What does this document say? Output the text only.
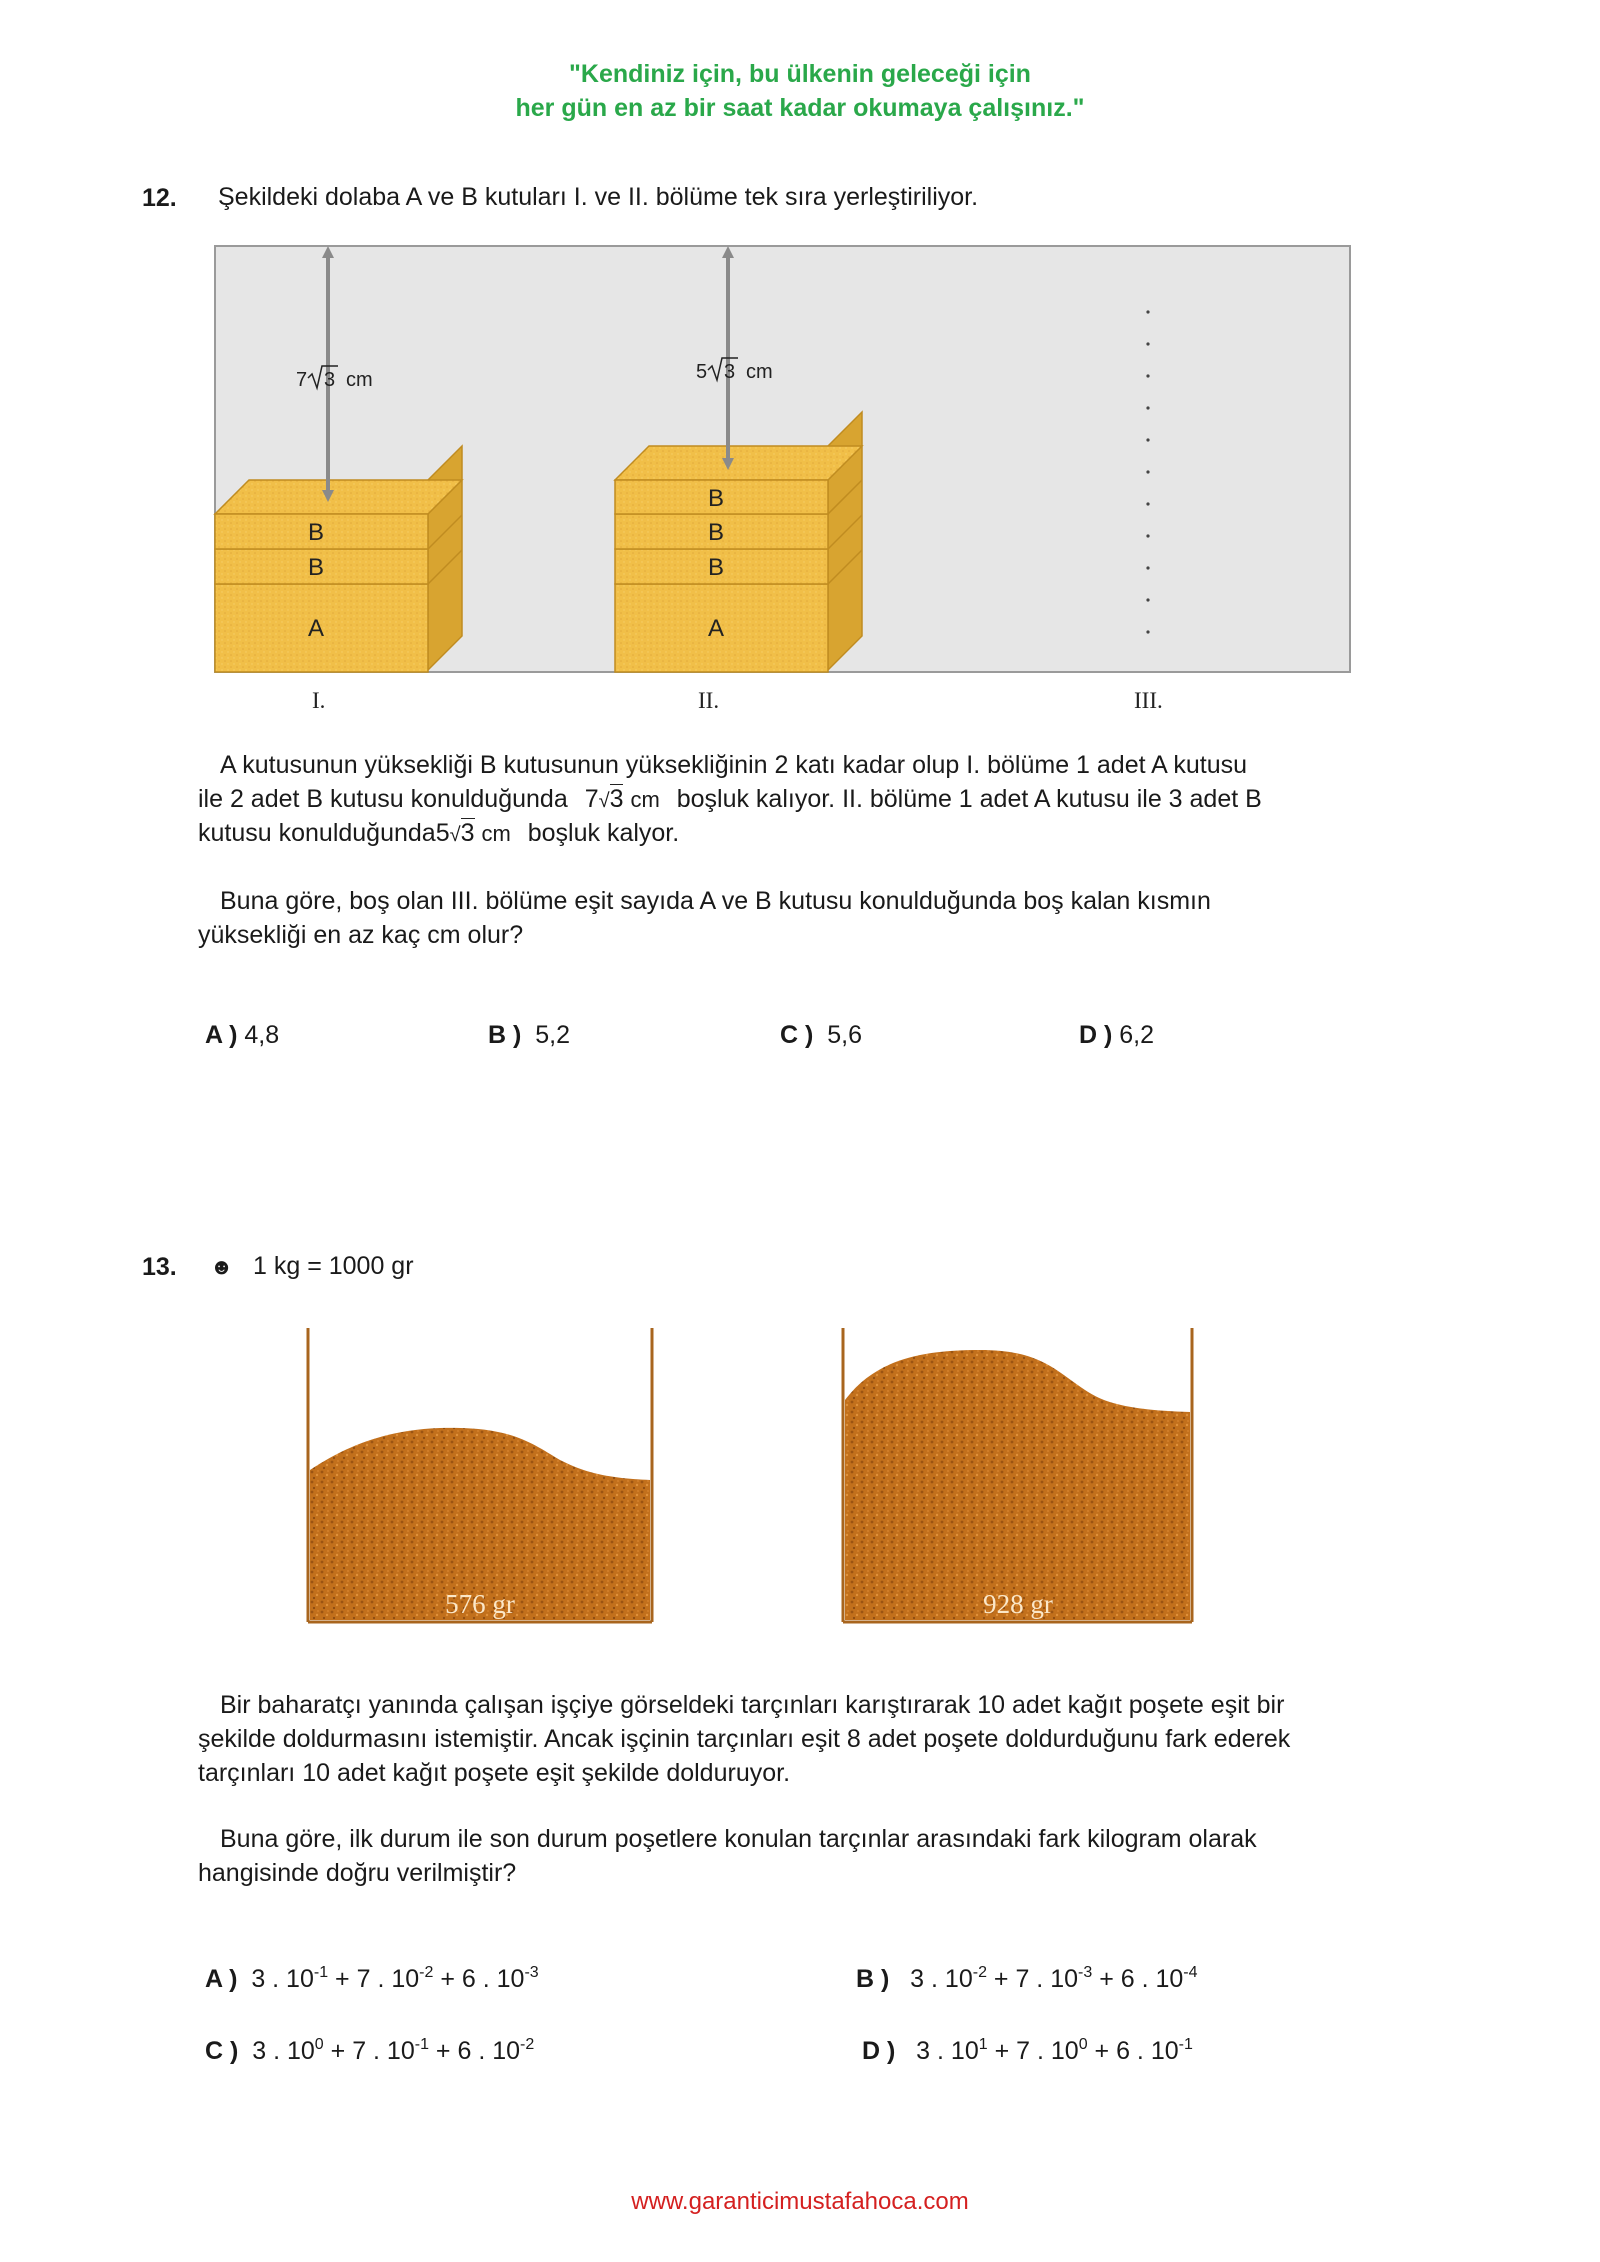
"Kendiniz için, bu ülkenin geleceği için
her gün en az bir saat kadar okumaya çalışınız."
12. Şekildeki dolaba A ve B kutuları I. ve II. bölüme tek sıra yerleştiriliyor.
B
B
A
B
B
B
A
7 3 cm	5 3 cm
I.	II.	III.
A kutusunun yüksekliği B kutusunun yüksekliğinin 2 katı kadar olup I. bölüme 1 adet A kutusu
ile 2 adet B kutusu konulduğunda 7√3 cm boşluk kalıyor. II. bölüme 1 adet A kutusu ile 3 adet B
kutusu konulduğunda5√3 cm boşluk kalyor.
Buna göre, boş olan III. bölüme eşit sayıda A ve B kutusu konulduğunda boş kalan kısmın
yüksekliği en az kaç cm olur?
A ) 4,8	B ) 5,2	C ) 5,6	D ) 6,2
13. ☻ 1 kg = 1000 gr
576 gr	928 gr
Bir baharatçı yanında çalışan işçiye görseldeki tarçınları karıştırarak 10 adet kağıt poşete eşit bir
şekilde doldurmasını istemiştir. Ancak işçinin tarçınları eşit 8 adet poşete doldurduğunu fark ederek
tarçınları 10 adet kağıt poşete eşit şekilde dolduruyor.
Buna göre, ilk durum ile son durum poşetlere konulan tarçınlar arasındaki fark kilogram olarak
hangisinde doğru verilmiştir?
A ) 3 . $10^{-1} + 7$ . $10^{-2} + 6$ . $10^{-3}$	B ) 3 . $10^{-2} + 7$ . $10^{-3} + 6$ . $10^{-4}$
C ) 3 . $10^0 + 7$ . $10^{-1} + 6$ . $10^{-2}$	D ) 3 . $10^1 + 7$ . $10^0 + 6$ . $10^{-1}$
www.garanticimustafahoca.com
